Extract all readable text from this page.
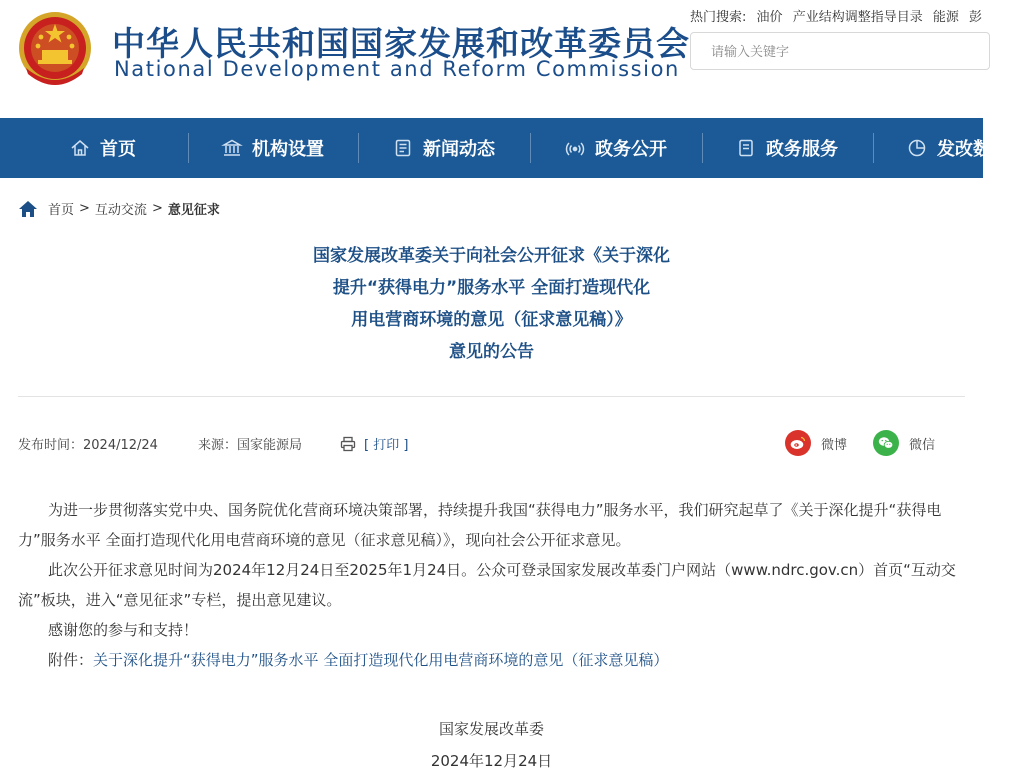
中华人民共和国国家发展和改革委员会
National Development and Reform Commission
热门搜索: 油价 产业结构调整指导目录 能源 彭
请输入关键字
首页	机构设置	新闻动态	政务公开	政务服务	发改数据
首页 > 互动交流 > 意见征求
国家发展改革委关于向社会公开征求《关于深化
提升“获得电力”服务水平 全面打造现代化
用电营商环境的意见（征求意见稿）》
意见的公告
发布时间：2024/12/24	来源：国家能源局	[ 打印 ]	微博	微信

为进一步贯彻落实党中央、国务院优化营商环境决策部署，持续提升我国“获得电力”服务水平，我们研究起草了《关于深化提升“获得电力”服务水平 全面打造现代化用电营商环境的意见（征求意见稿）》，现向社会公开征求意见。

此次公开征求意见时间为2024年12月24日至2025年1月24日。公众可登录国家发展改革委门户网站（www.ndrc.gov.cn）首页“互动交流”板块，进入“意见征求”专栏，提出意见建议。

感谢您的参与和支持！

附件：关于深化提升“获得电力”服务水平 全面打造现代化用电营商环境的意见（征求意见稿）

国家发展改革委
2024年12月24日
